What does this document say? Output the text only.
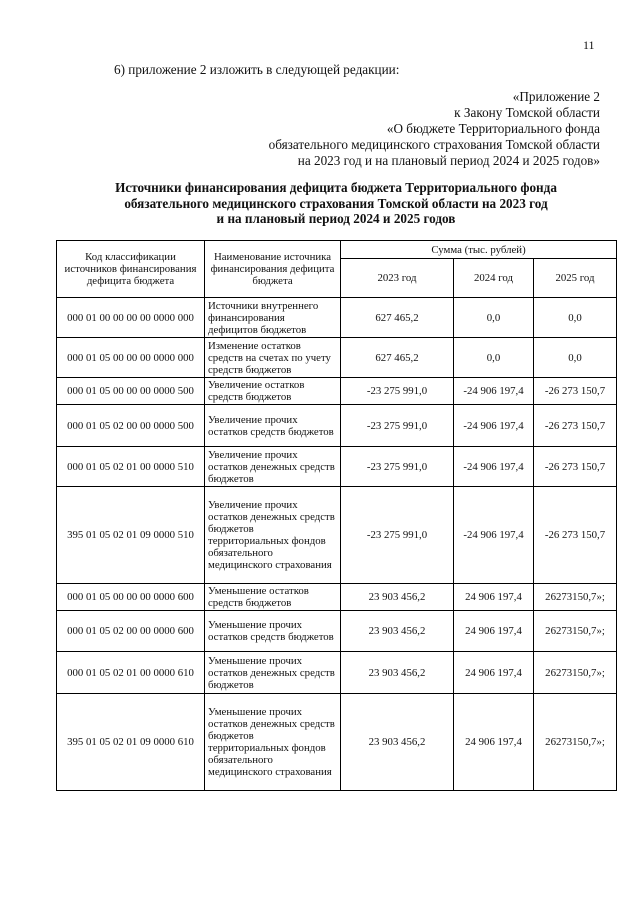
11
6) приложение 2 изложить в следующей редакции:
«Приложение 2
к Закону Томской области
«О бюджете Территориального фонда
обязательного медицинского страхования Томской области
на 2023 год и на плановый период 2024 и 2025 годов»
Источники финансирования дефицита бюджета Территориального фонда
обязательного медицинского страхования Томской области на 2023 год
и на плановый период 2024 и 2025 годов
Код классификации источников финансирования дефицита бюджета	Наименование источника финансирования дефицита бюджета	Сумма (тыс. рублей)		
		2023 год	2024 год	2025 год
000 01 00 00 00 00 0000 000	Источники внутреннего финансирования дефицитов бюджетов	627 465,2	0,0	0,0
000 01 05 00 00 00 0000 000	Изменение остатков средств на счетах по учету средств бюджетов	627 465,2	0,0	0,0
000 01 05 00 00 00 0000 500	Увеличение остатков средств бюджетов	-23 275 991,0	-24 906 197,4	-26 273 150,7
000 01 05 02 00 00 0000 500	Увеличение прочих остатков средств бюджетов	-23 275 991,0	-24 906 197,4	-26 273 150,7
000 01 05 02 01 00 0000 510	Увеличение прочих остатков денежных средств бюджетов	-23 275 991,0	-24 906 197,4	-26 273 150,7
395 01 05 02 01 09 0000 510	Увеличение прочих остатков денежных средств бюджетов территориальных фондов обязательного медицинского страхования	-23 275 991,0	-24 906 197,4	-26 273 150,7
000 01 05 00 00 00 0000 600	Уменьшение остатков средств бюджетов	23 903 456,2	24 906 197,4	26273150,7»;
000 01 05 02 00 00 0000 600	Уменьшение прочих остатков средств бюджетов	23 903 456,2	24 906 197,4	26273150,7»;
000 01 05 02 01 00 0000 610	Уменьшение прочих остатков денежных средств бюджетов	23 903 456,2	24 906 197,4	26273150,7»;
395 01 05 02 01 09 0000 610	Уменьшение прочих остатков денежных средств бюджетов территориальных фондов обязательного медицинского страхования	23 903 456,2	24 906 197,4	26273150,7»;
